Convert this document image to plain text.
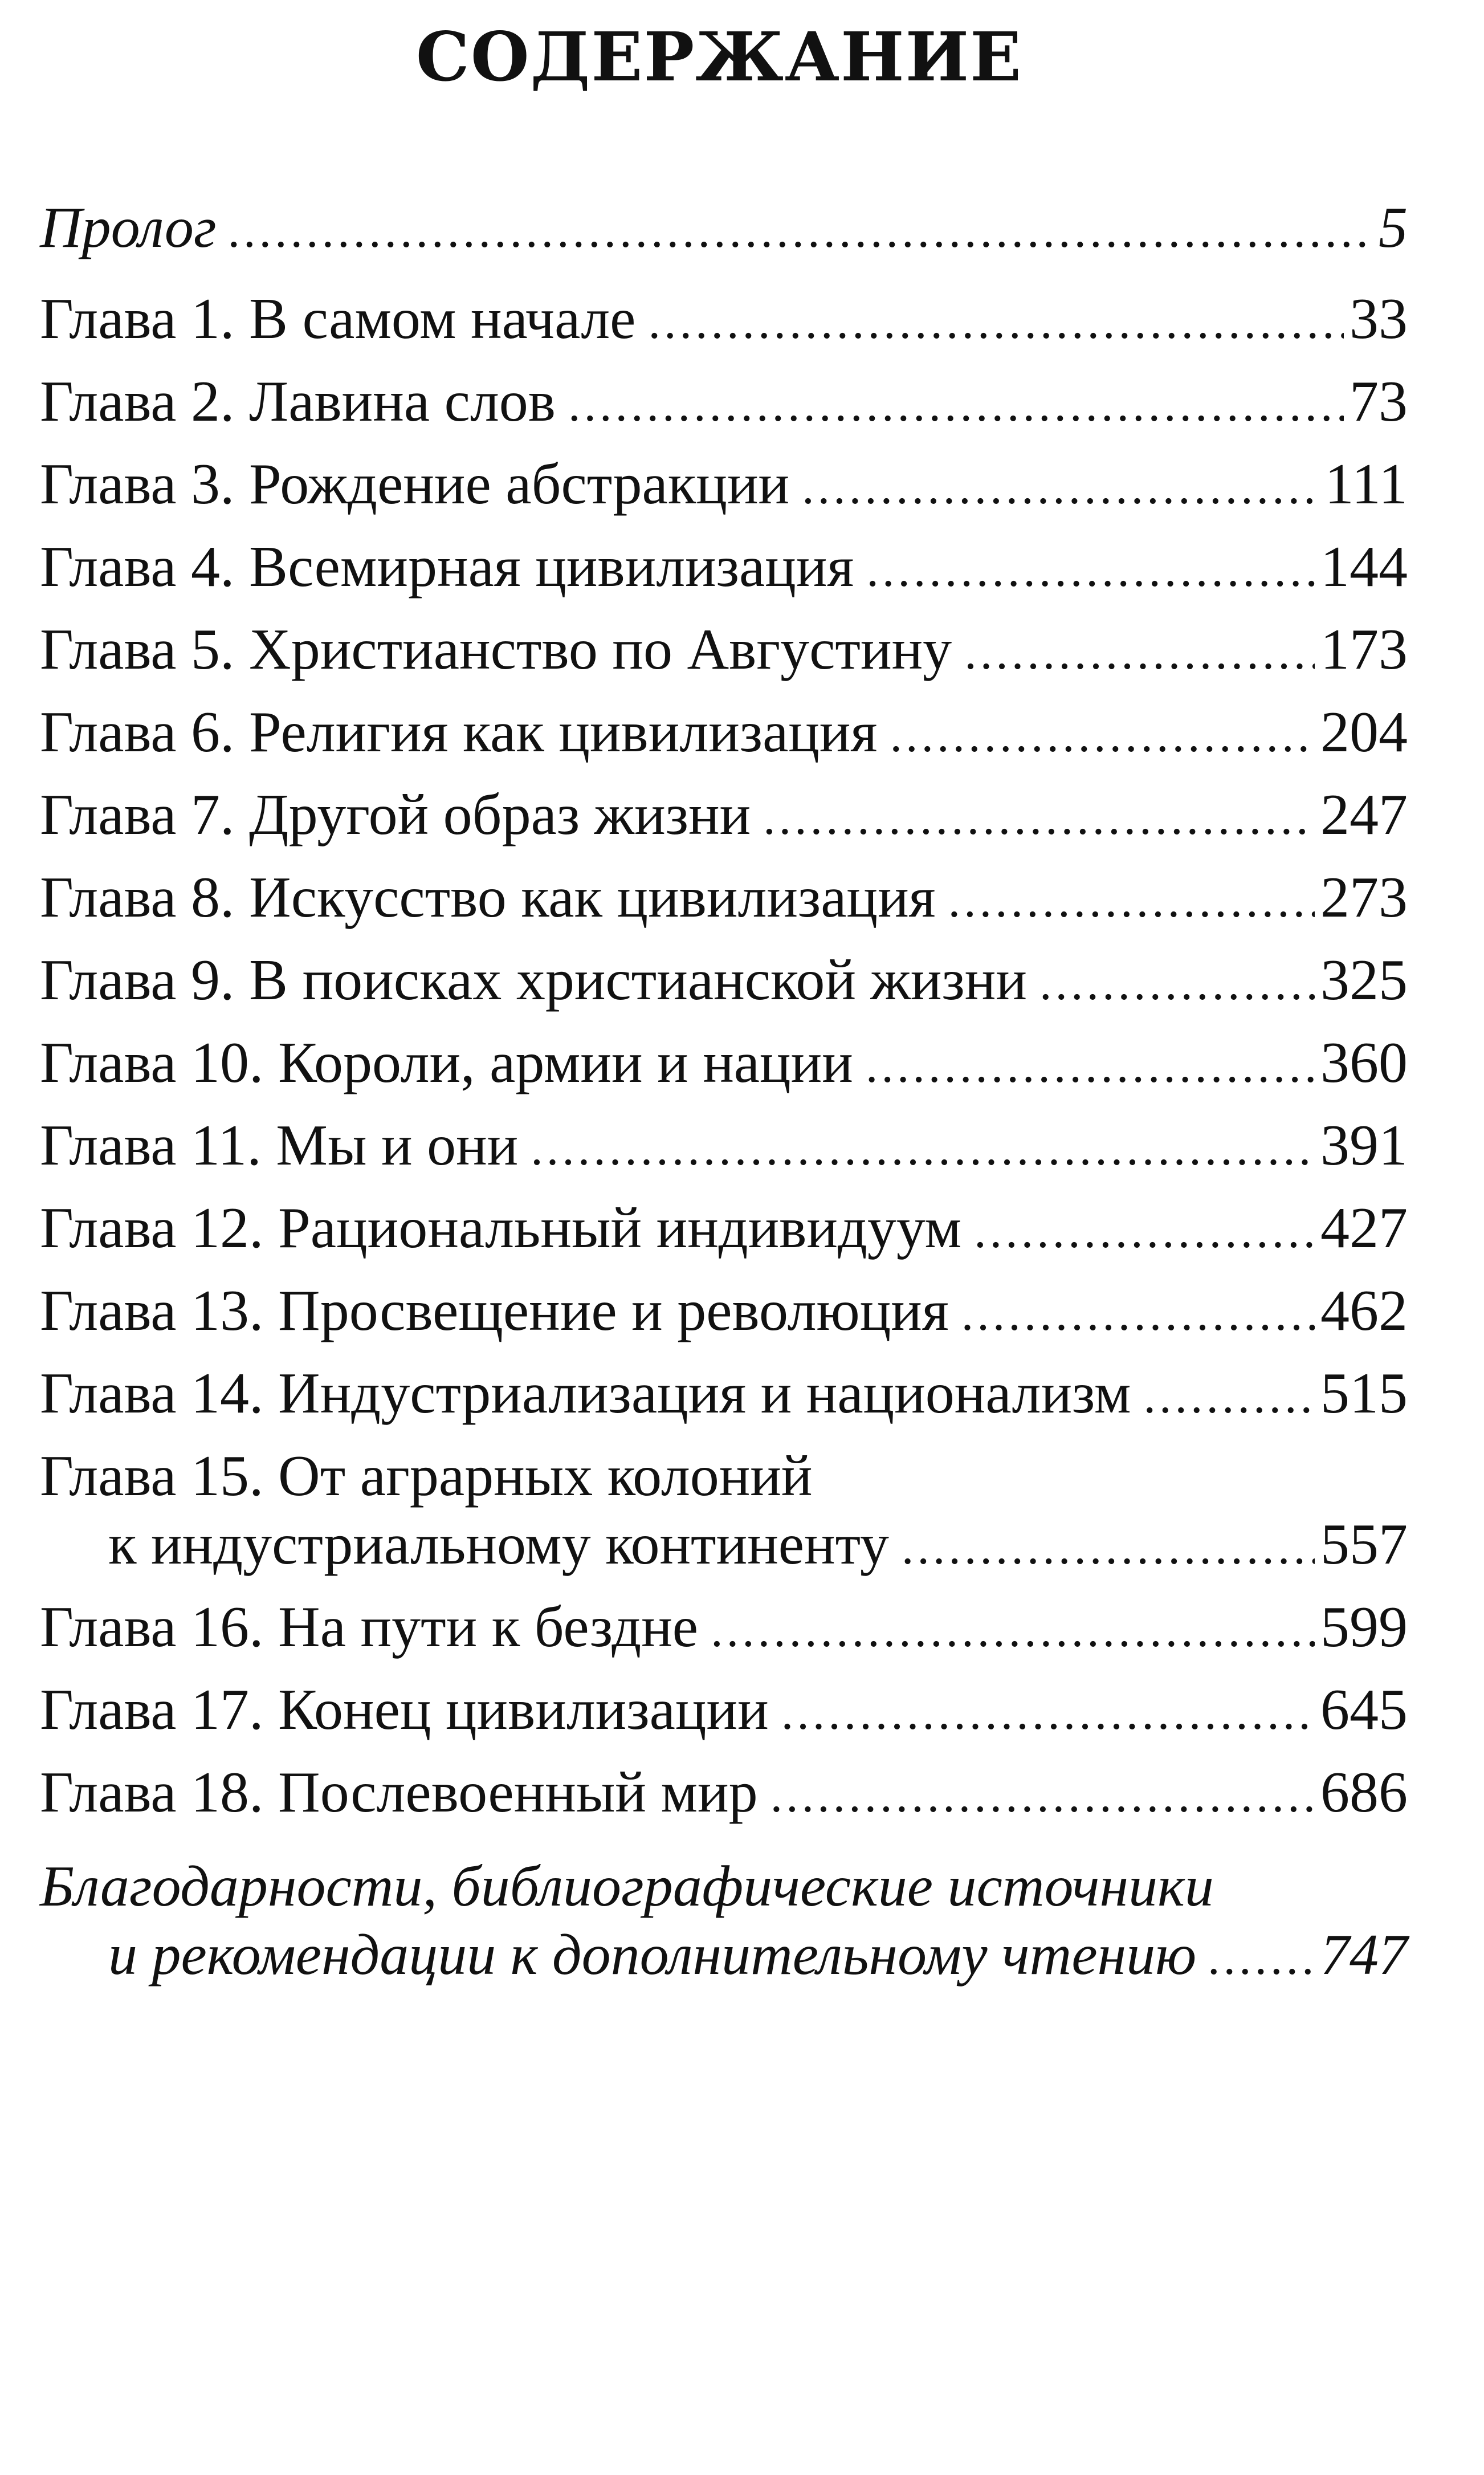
СОДЕРЖАНИЕ
Пролог .....	5
Глава 1. В самом начале .....	33
Глава 2. Лавина слов .....	73
Глава 3. Рождение абстракции .....	111
Глава 4. Всемирная цивилизация .....	144
Глава 5. Христианство по Августину .....	173
Глава 6. Религия как цивилизация .....	204
Глава 7. Другой образ жизни .....	247
Глава 8. Искусство как цивилизация .....	273
Глава 9. В поисках христианской жизни .....	325
Глава 10. Короли, армии и нации .....	360
Глава 11. Мы и они .....	391
Глава 12. Рациональный индивидуум .....	427
Глава 13. Просвещение и революция .....	462
Глава 14. Индустриализация и национализм .....	515
Глава 15. От аграрных колоний
к индустриальному континенту .....	557
Глава 16. На пути к бездне .....	599
Глава 17. Конец цивилизации .....	645
Глава 18. Послевоенный мир .....	686
Благодарности, библиографические источники
и рекомендации к дополнительному чтению ..... 747
